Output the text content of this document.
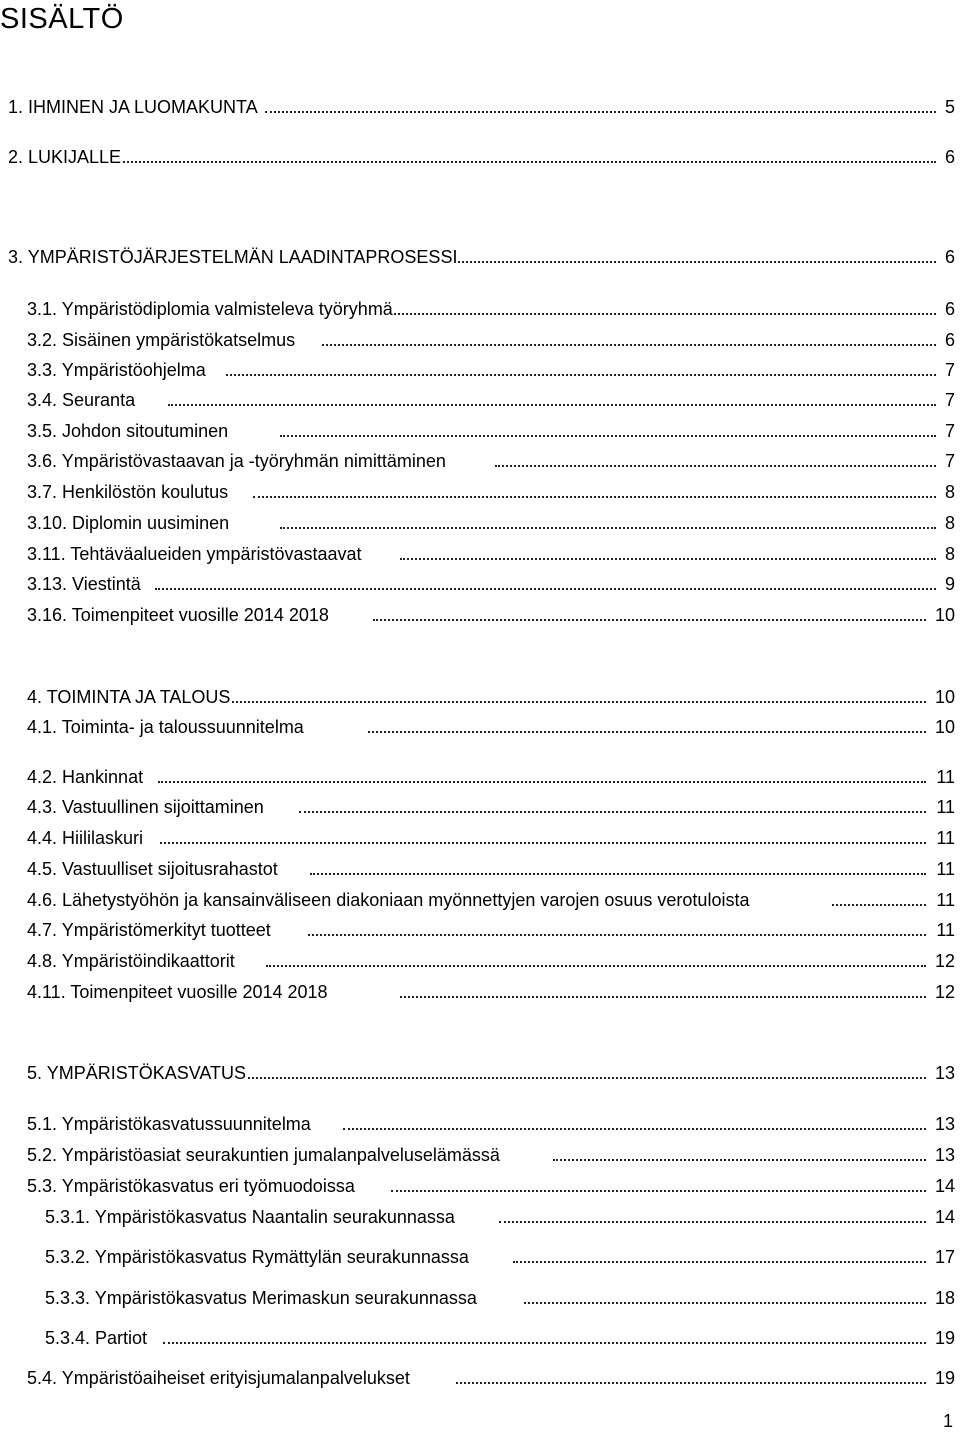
SISÄLTÖ
1. IHMINEN JA LUOMAKUNTA	5
2. LUKIJALLE	6
3. YMPÄRISTÖJÄRJESTELMÄN LAADINTAPROSESSI	6
3.1. Ympäristödiplomia valmisteleva työryhmä	6
3.2. Sisäinen ympäristökatselmus	6
3.3. Ympäristöohjelma	7
3.4. Seuranta	7
3.5. Johdon sitoutuminen	7
3.6. Ympäristövastaavan ja -työryhmän nimittäminen	7
3.7. Henkilöstön koulutus	8
3.10. Diplomin uusiminen	8
3.11. Tehtäväalueiden ympäristövastaavat	8
3.13. Viestintä	9
3.16. Toimenpiteet vuosille 2014 2018	10
4. TOIMINTA JA TALOUS	10
4.1. Toiminta- ja taloussuunnitelma	10
4.2. Hankinnat	11
4.3. Vastuullinen sijoittaminen	11
4.4. Hiililaskuri	11
4.5. Vastuulliset sijoitusrahastot	11
4.6. Lähetystyöhön ja kansainväliseen diakoniaan myönnettyjen varojen osuus verotuloista	11
4.7. Ympäristömerkityt tuotteet	11
4.8. Ympäristöindikaattorit	12
4.11. Toimenpiteet vuosille 2014 2018	12
5. YMPÄRISTÖKASVATUS	13
5.1. Ympäristökasvatussuunnitelma	13
5.2. Ympäristöasiat seurakuntien jumalanpalveluselämässä	13
5.3. Ympäristökasvatus eri työmuodoissa	14
5.3.1. Ympäristökasvatus Naantalin seurakunnassa	14
5.3.2. Ympäristökasvatus Rymättylän seurakunnassa	17
5.3.3. Ympäristökasvatus Merimaskun seurakunnassa	18
5.3.4. Partiot	19
5.4. Ympäristöaiheiset erityisjumalanpalvelukset	19
1
